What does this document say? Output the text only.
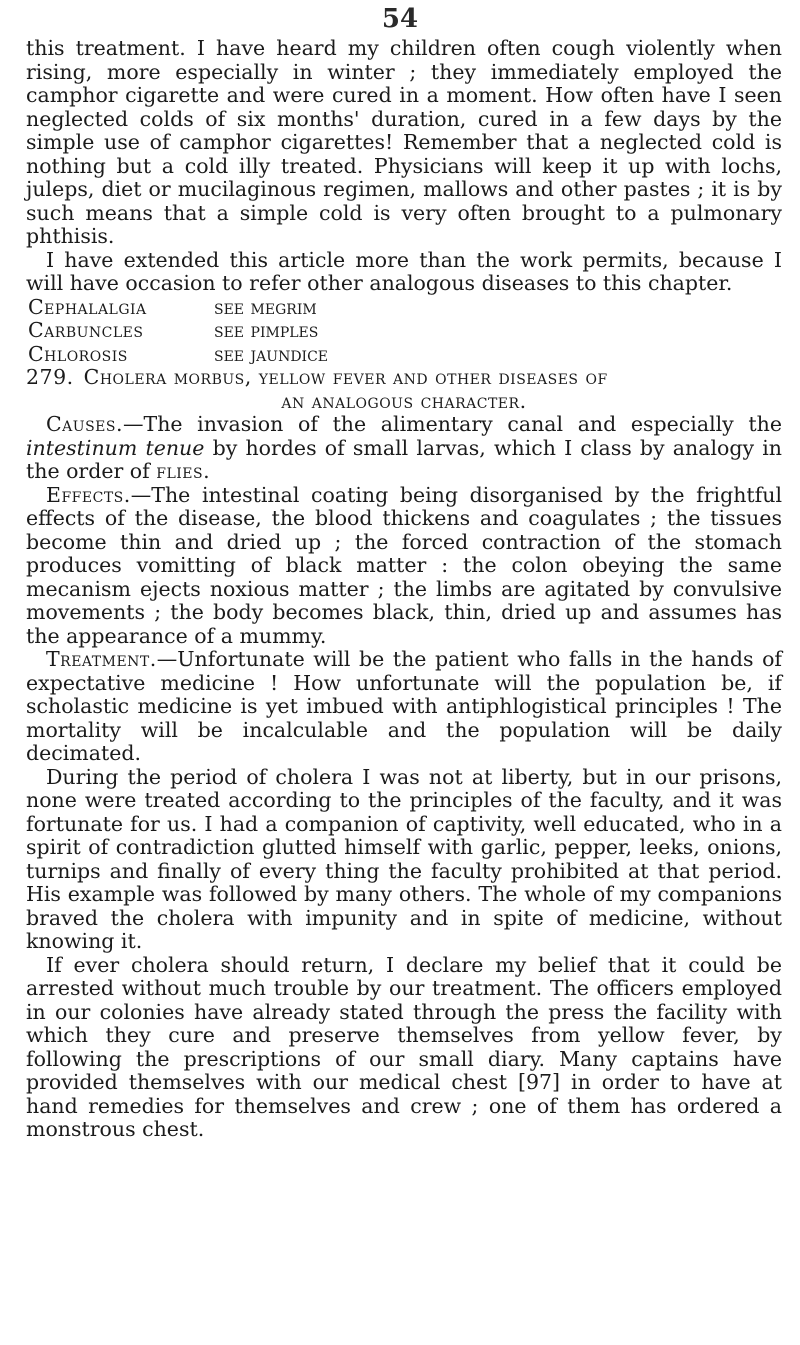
54

this treatment. I have heard my children often cough violently when rising, more especially in winter ; they immediately employed the camphor cigarette and were cured in a moment. How often have I seen neglected colds of six months' duration, cured in a few days by the simple use of camphor cigarettes! Remember that a neglected cold is nothing but a cold illy treated. Physicians will keep it up with lochs, juleps, diet or mucilaginous regimen, mallows and other pastes ; it is by such means that a simple cold is very often brought to a pulmonary phthisis.

I have extended this article more than the work permits, because I will have occasion to refer other analogous diseases to this chapter.

Cephalalgia	see megrim
Carbuncles	see pimples
Chlorosis	see jaundice
279. Cholera morbus, yellow fever and other diseases of
an analogous character.

Causes.—The invasion of the alimentary canal and especially the intestinum tenue by hordes of small larvas, which I class by analogy in the order of flies.

Effects.—The intestinal coating being disorganised by the frightful effects of the disease, the blood thickens and coagulates ; the tissues become thin and dried up ; the forced contraction of the stomach produces vomitting of black matter : the colon obeying the same mecanism ejects noxious matter ; the limbs are agitated by convulsive movements ; the body becomes black, thin, dried up and assumes has the appearance of a mummy.

Treatment.—Unfortunate will be the patient who falls in the hands of expectative medicine ! How unfortunate will the population be, if scholastic medicine is yet imbued with antiphlogistical principles ! The mortality will be incalculable and the population will be daily decimated.

During the period of cholera I was not at liberty, but in our prisons, none were treated according to the principles of the faculty, and it was fortunate for us. I had a companion of captivity, well educated, who in a spirit of contradiction glutted himself with garlic, pepper, leeks, onions, turnips and finally of every thing the faculty prohibited at that period. His example was followed by many others. The whole of my companions braved the cholera with impunity and in spite of medicine, without knowing it.

If ever cholera should return, I declare my belief that it could be arrested without much trouble by our treatment. The officers employed in our colonies have already stated through the press the facility with which they cure and preserve themselves from yellow fever, by following the prescriptions of our small diary. Many captains have provided themselves with our medical chest [97] in order to have at hand remedies for themselves and crew ; one of them has ordered a monstrous chest.
